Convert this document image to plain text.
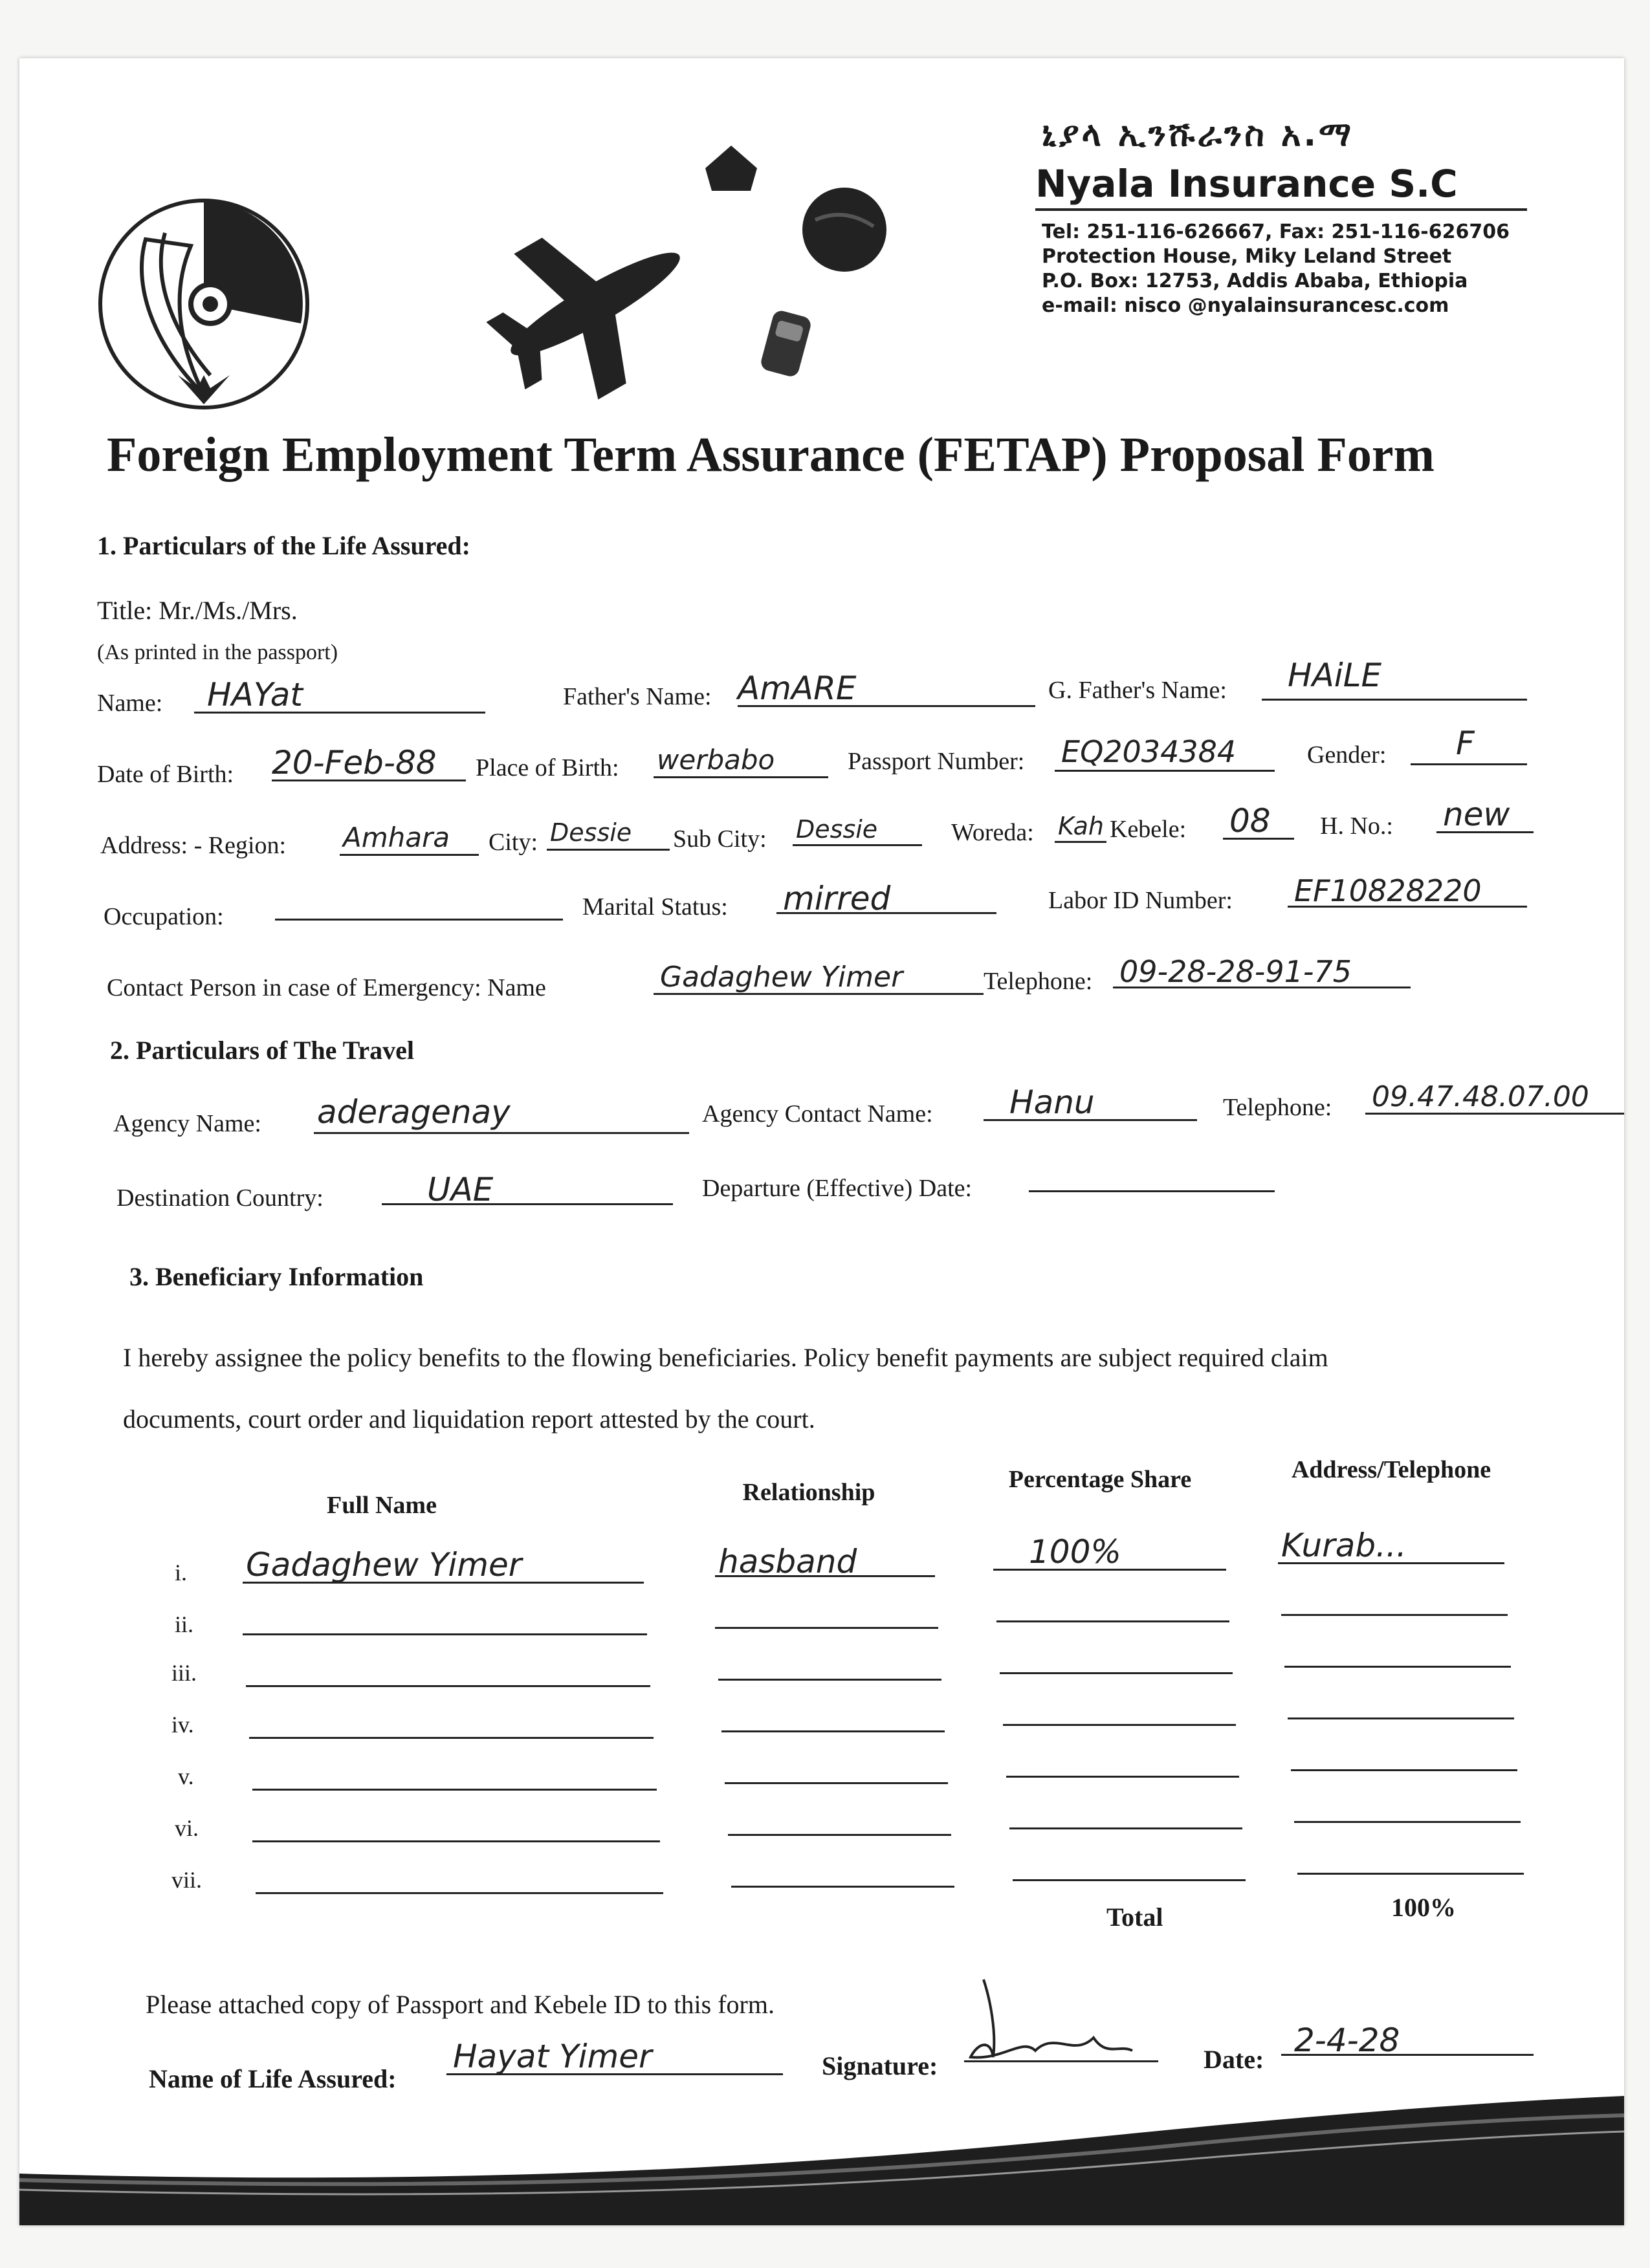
ኒያላ ኢንሹራንስ አ.ማ
Nyala Insurance S.C
Tel: 251-116-626667, Fax: 251-116-626706
Protection House, Miky Leland Street
P.O. Box: 12753, Addis Ababa, Ethiopia
e-mail: nisco @nyalainsurancesc.com
Foreign Employment Term Assurance (FETAP) Proposal Form
1. Particulars of the Life Assured:
Title: Mr./Ms./Mrs.
(As printed in the passport)
Name: HAYat	Father's Name: AmARE	G. Father's Name: HAiLE
Date of Birth: 20-Feb-88 Place of Birth: werbabo	Passport Number: EQ2034384	Gender: F
Address: - Region: Amhara City: Dessie Sub City: Dessie	Woreda: Kah Kebele: 08 H. No.: new
Occupation:	Marital Status: mirred	Labor ID Number: EF10828220
Contact Person in case of Emergency: Name	Gadaghew Yimer	Telephone: 09-28-28-91-75
2. Particulars of The Travel
Agency Name: aderagenay	Agency Contact Name: Hanu	Telephone: 09.47.48.07.00
Destination Country:	UAE	Departure (Effective) Date:
3. Beneficiary Information
I hereby assignee the policy benefits to the flowing beneficiaries. Policy benefit payments are subject required claim
documents, court order and liquidation report attested by the court.
Full Name	Relationship	Percentage Share	Address/Telephone
i. Gadaghew Yimer	hasband	100%	Kurab...
ii.
iii.
iv.
v.
vi.
vii.
Total	100%
Please attached copy of Passport and Kebele ID to this form.
Name of Life Assured:
Hayat Yimer	Signature:	Date:
2-4-28
